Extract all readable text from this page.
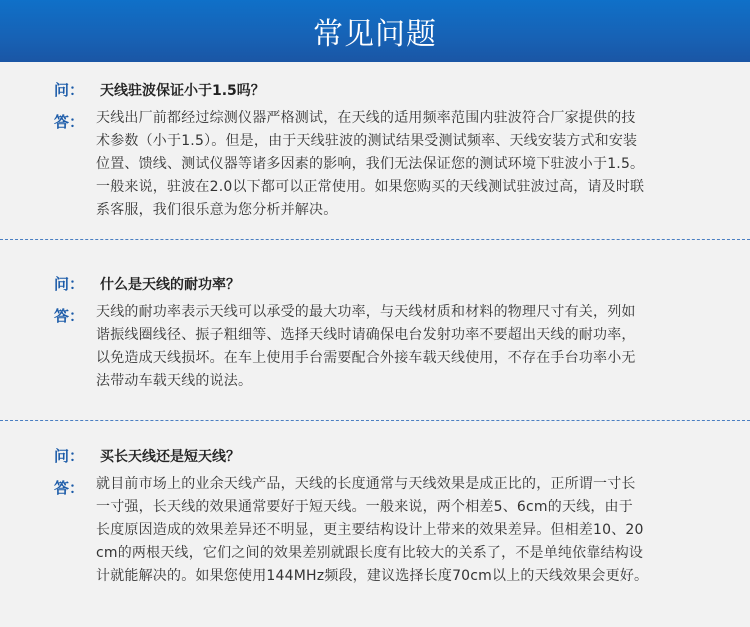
常见问题
问： 天线驻波保证小于1.5吗？
答： 天线出厂前都经过综测仪器严格测试，在天线的适用频率范围内驻波符合厂家提供的技
术参数（小于1.5）。但是，由于天线驻波的测试结果受测试频率、天线安装方式和安装
位置、馈线、测试仪器等诸多因素的影响，我们无法保证您的测试环境下驻波小于1.5。
一般来说，驻波在2.0以下都可以正常使用。如果您购买的天线测试驻波过高，请及时联
系客服，我们很乐意为您分析并解决。
问： 什么是天线的耐功率？
答： 天线的耐功率表示天线可以承受的最大功率，与天线材质和材料的物理尺寸有关，列如
谐振线圈线径、振子粗细等、选择天线时请确保电台发射功率不要超出天线的耐功率，
以免造成天线损坏。在车上使用手台需要配合外接车载天线使用，不存在手台功率小无
法带动车载天线的说法。
问： 买长天线还是短天线？
答： 就目前市场上的业余天线产品，天线的长度通常与天线效果是成正比的，正所谓一寸长
一寸强，长天线的效果通常要好于短天线。一般来说，两个相差5、6cm的天线，由于
长度原因造成的效果差异还不明显，更主要结构设计上带来的效果差异。但相差10、20
cm的两根天线，它们之间的效果差别就跟长度有比较大的关系了，不是单纯依靠结构设
计就能解决的。如果您使用144MHz频段，建议选择长度70cm以上的天线效果会更好。
